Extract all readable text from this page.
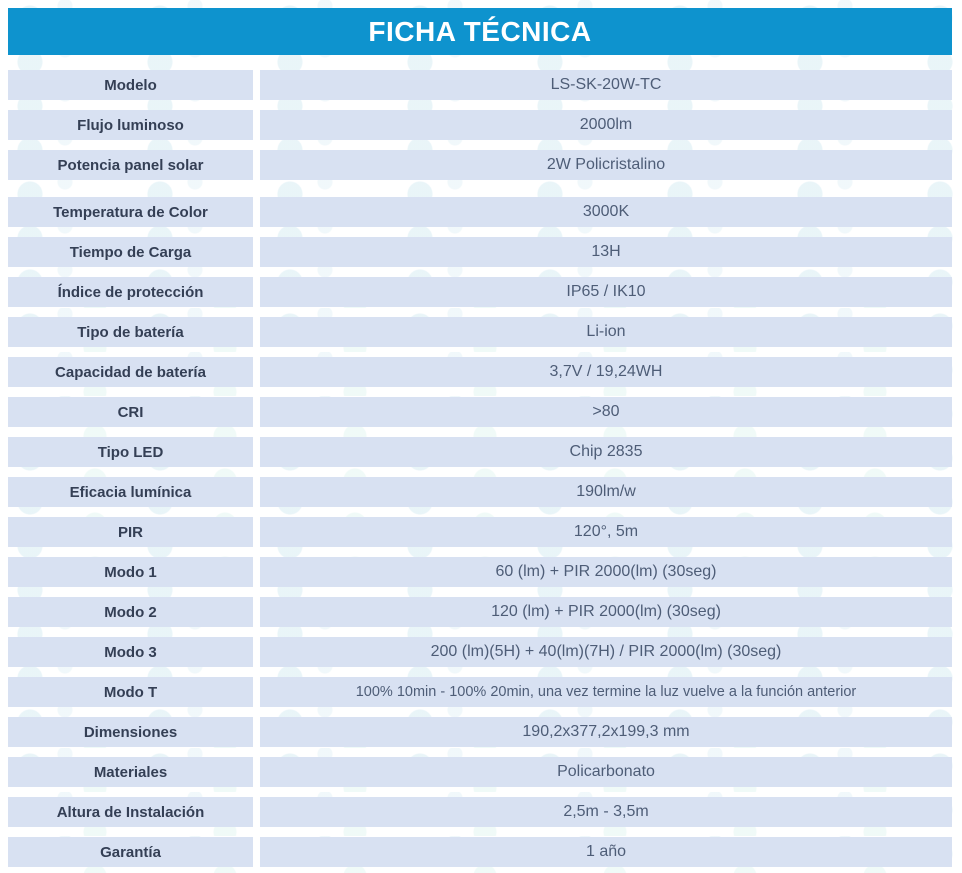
FICHA TÉCNICA
Modelo	LS-SK-20W-TC
Flujo luminoso	2000lm
Potencia panel solar	2W Policristalino
Temperatura de Color	3000K
Tiempo de Carga	13H
Índice de protección	IP65 / IK10
Tipo de batería	Li-ion
Capacidad de batería	3,7V / 19,24WH
CRI	>80
Tipo LED	Chip 2835
Eficacia lumínica	190lm/w
PIR	120°, 5m
Modo 1	60 (lm) + PIR 2000(lm) (30seg)
Modo 2	120 (lm) + PIR 2000(lm) (30seg)
Modo 3	200 (lm)(5H) + 40(lm)(7H) / PIR 2000(lm) (30seg)
Modo T	100% 10min - 100% 20min, una vez termine la luz vuelve a la función anterior
Dimensiones	190,2x377,2x199,3 mm
Materiales	Policarbonato
Altura de Instalación	2,5m - 3,5m
Garantía	1 año
